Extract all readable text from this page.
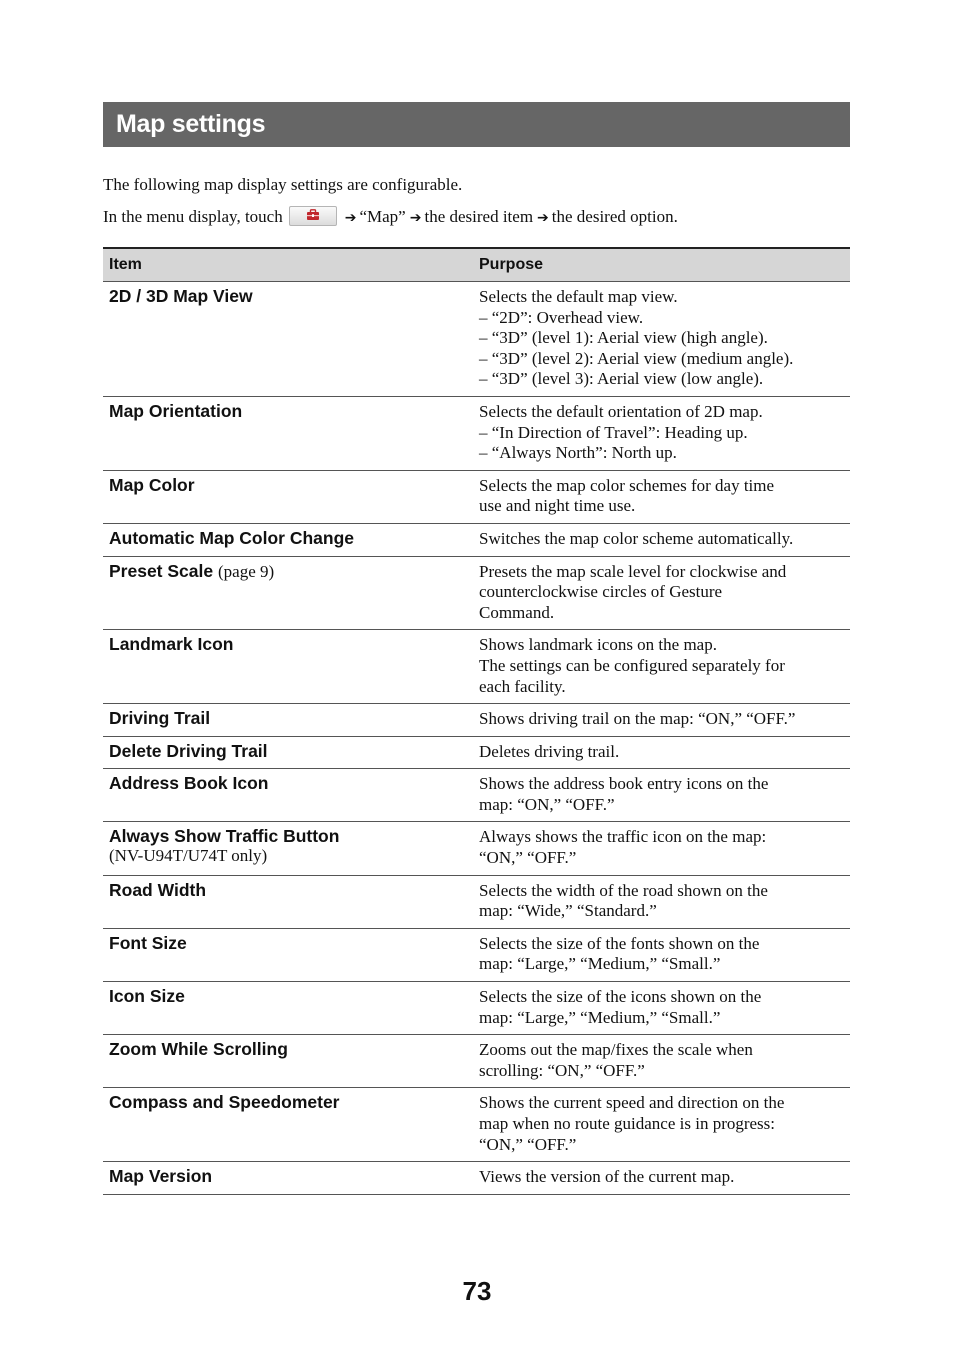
Map settings
The following map display settings are configurable.
In the menu display, touch	➔ “Map” ➔ the desired item ➔ the desired option.
Item	Purpose
2D / 3D Map View	Selects the default map view.
– “2D”: Overhead view.
– “3D” (level 1): Aerial view (high angle).
– “3D” (level 2): Aerial view (medium angle).
– “3D” (level 3): Aerial view (low angle).

Map Orientation	Selects the default orientation of 2D map.
– “In Direction of Travel”: Heading up.
– “Always North”: North up.

Map Color	Selects the map color schemes for day time
use and night time use.

Automatic Map Color Change	Switches the map color scheme automatically.

Preset Scale (page 9)	Presets the map scale level for clockwise and
counterclockwise circles of Gesture
Command.

Landmark Icon	Shows landmark icons on the map.
The settings can be configured separately for
each facility.

Driving Trail	Shows driving trail on the map: “ON,” “OFF.”

Delete Driving Trail	Deletes driving trail.

Address Book Icon	Shows the address book entry icons on the
map: “ON,” “OFF.”

Always Show Traffic Button
(NV-U94T/U74T only)	Always shows the traffic icon on the map:
“ON,” “OFF.”

Road Width	Selects the width of the road shown on the
map: “Wide,” “Standard.”

Font Size	Selects the size of the fonts shown on the
map: “Large,” “Medium,” “Small.”

Icon Size	Selects the size of the icons shown on the
map: “Large,” “Medium,” “Small.”

Zoom While Scrolling	Zooms out the map/fixes the scale when
scrolling: “ON,” “OFF.”

Compass and Speedometer	Shows the current speed and direction on the
map when no route guidance is in progress:
“ON,” “OFF.”

Map Version	Views the version of the current map.
73
